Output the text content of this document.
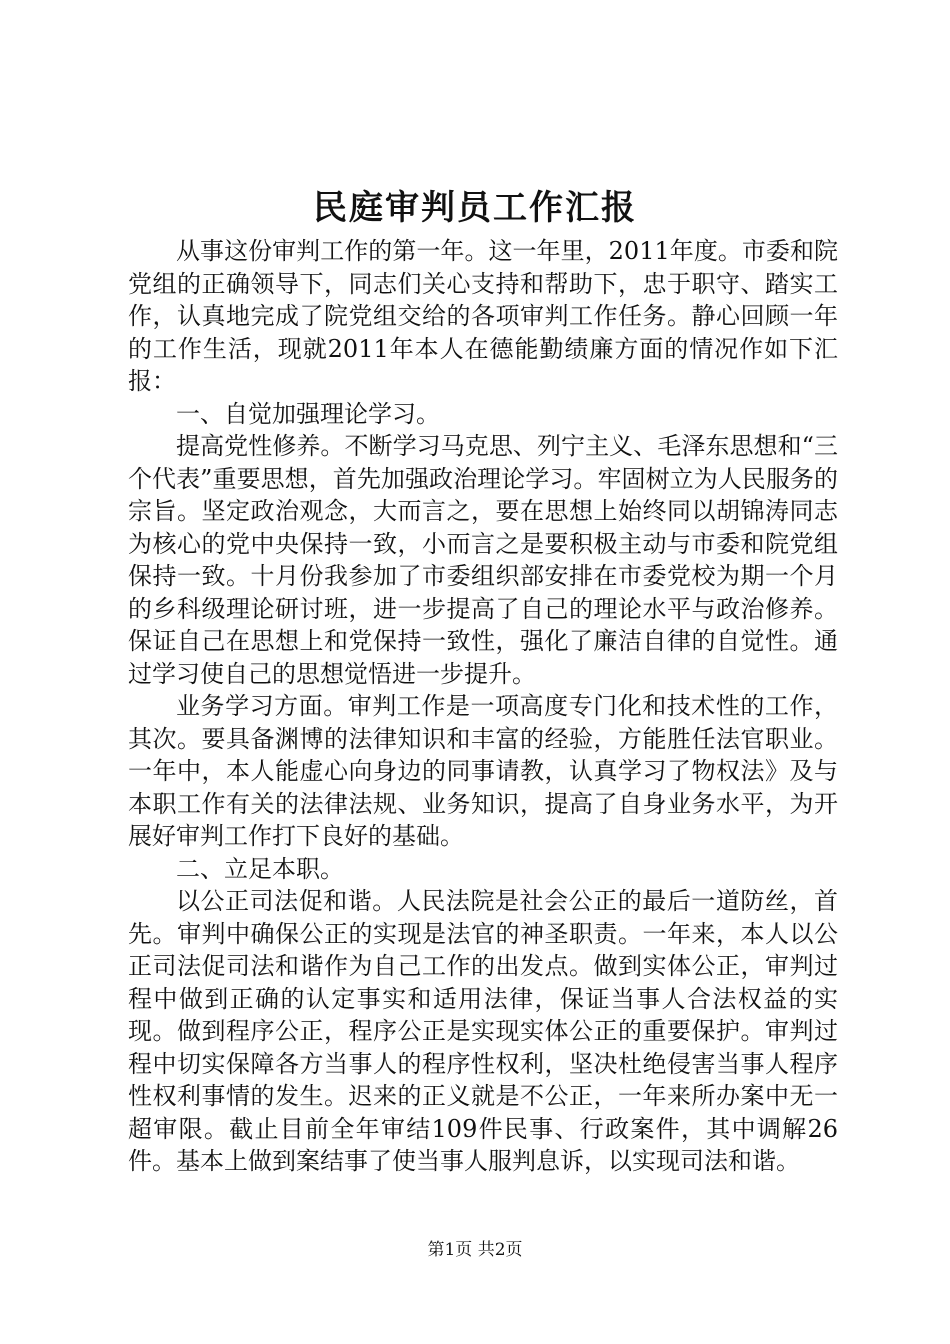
民庭审判员工作汇报

从事这份审判工作的第一年。这一年里，2011年度。市委和院党组的正确领导下，同志们关心支持和帮助下，忠于职守、踏实工作，认真地完成了院党组交给的各项审判工作任务。静心回顾一年的工作生活，现就2011年本人在德能勤绩廉方面的情况作如下汇报：

一、自觉加强理论学习。

提高党性修养。不断学习马克思、列宁主义、毛泽东思想和“三个代表”重要思想，首先加强政治理论学习。牢固树立为人民服务的宗旨。坚定政治观念，大而言之，要在思想上始终同以胡锦涛同志为核心的党中央保持一致，小而言之是要积极主动与市委和院党组保持一致。十月份我参加了市委组织部安排在市委党校为期一个月的乡科级理论研讨班，进一步提高了自己的理论水平与政治修养。保证自己在思想上和党保持一致性，强化了廉洁自律的自觉性。通过学习使自己的思想觉悟进一步提升。

业务学习方面。审判工作是一项高度专门化和技术性的工作，其次。要具备渊博的法律知识和丰富的经验，方能胜任法官职业。一年中，本人能虚心向身边的同事请教，认真学习了物权法》及与本职工作有关的法律法规、业务知识，提高了自身业务水平，为开展好审判工作打下良好的基础。

二、立足本职。

以公正司法促和谐。人民法院是社会公正的最后一道防丝，首先。审判中确保公正的实现是法官的神圣职责。一年来，本人以公正司法促司法和谐作为自己工作的出发点。做到实体公正，审判过程中做到正确的认定事实和适用法律，保证当事人合法权益的实现。做到程序公正，程序公正是实现实体公正的重要保护。审判过程中切实保障各方当事人的程序性权利，坚决杜绝侵害当事人程序性权利事情的发生。迟来的正义就是不公正，一年来所办案中无一超审限。截止目前全年审结109件民事、行政案件，其中调解26件。基本上做到案结事了使当事人服判息诉，以实现司法和谐。

第1页 共2页
